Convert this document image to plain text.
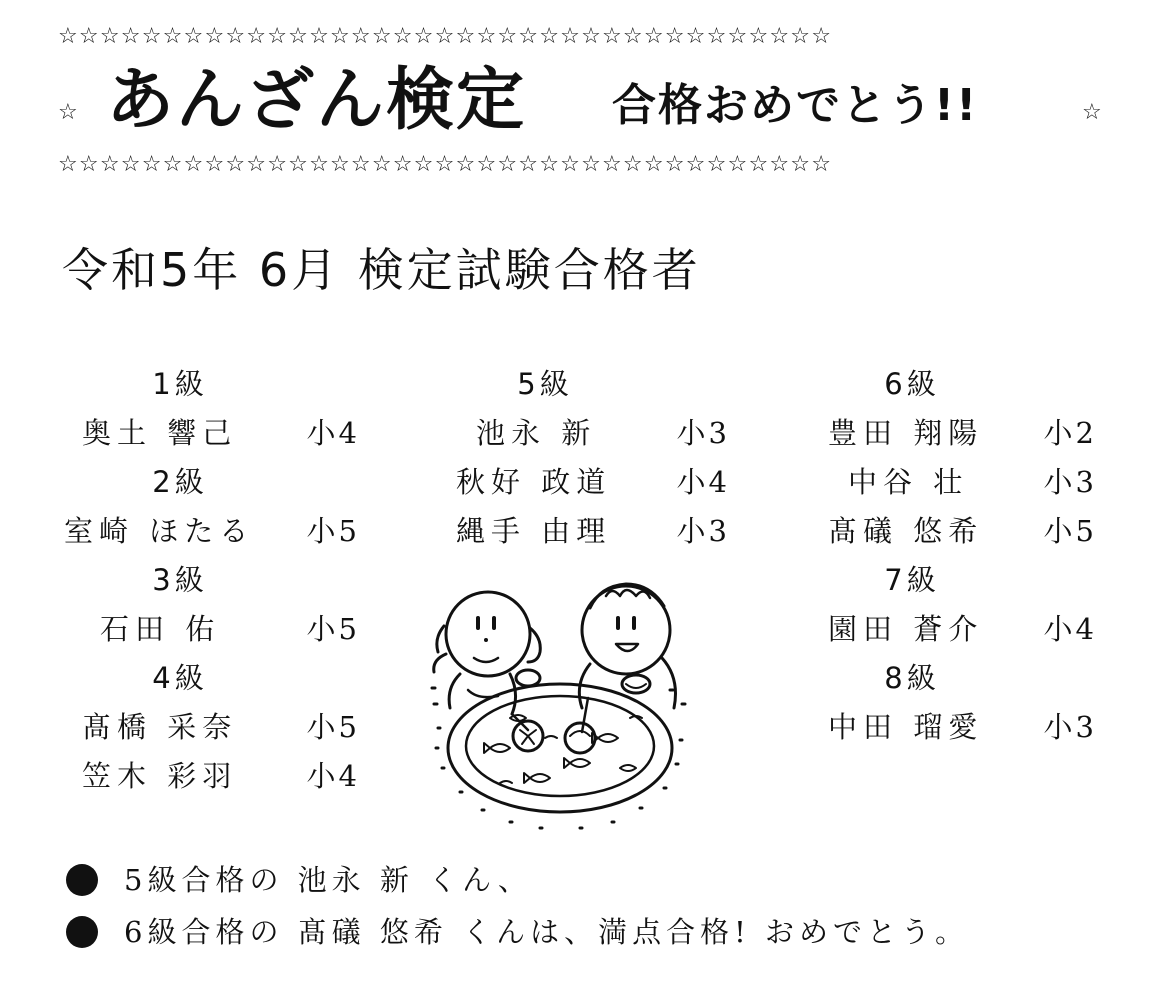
☆☆☆☆☆☆☆☆☆☆☆☆☆☆☆☆☆☆☆☆☆☆☆☆☆☆☆☆☆☆☆☆☆☆☆☆☆
☆ あんざん検定 合格おめでとう!!	☆
☆☆☆☆☆☆☆☆☆☆☆☆☆☆☆☆☆☆☆☆☆☆☆☆☆☆☆☆☆☆☆☆☆☆☆☆☆
令和5年 6月 検定試験合格者
1級
奥土 響己 小4
2級
室崎 ほたる 小5
3級
石田 佑	小5
4級
髙橋 采奈 小5
笠木 彩羽 小4
5級
池永 新	小3
秋好 政道 小4
縄手 由理 小3
6級
豊田 翔陽 小2
中谷 壮	小3
髙礒 悠希 小5
7級
園田 蒼介 小4
8級
中田 瑠愛 小3
5級合格の 池永 新 くん、
6級合格の 髙礒 悠希 くんは、満点合格! おめでとう。
